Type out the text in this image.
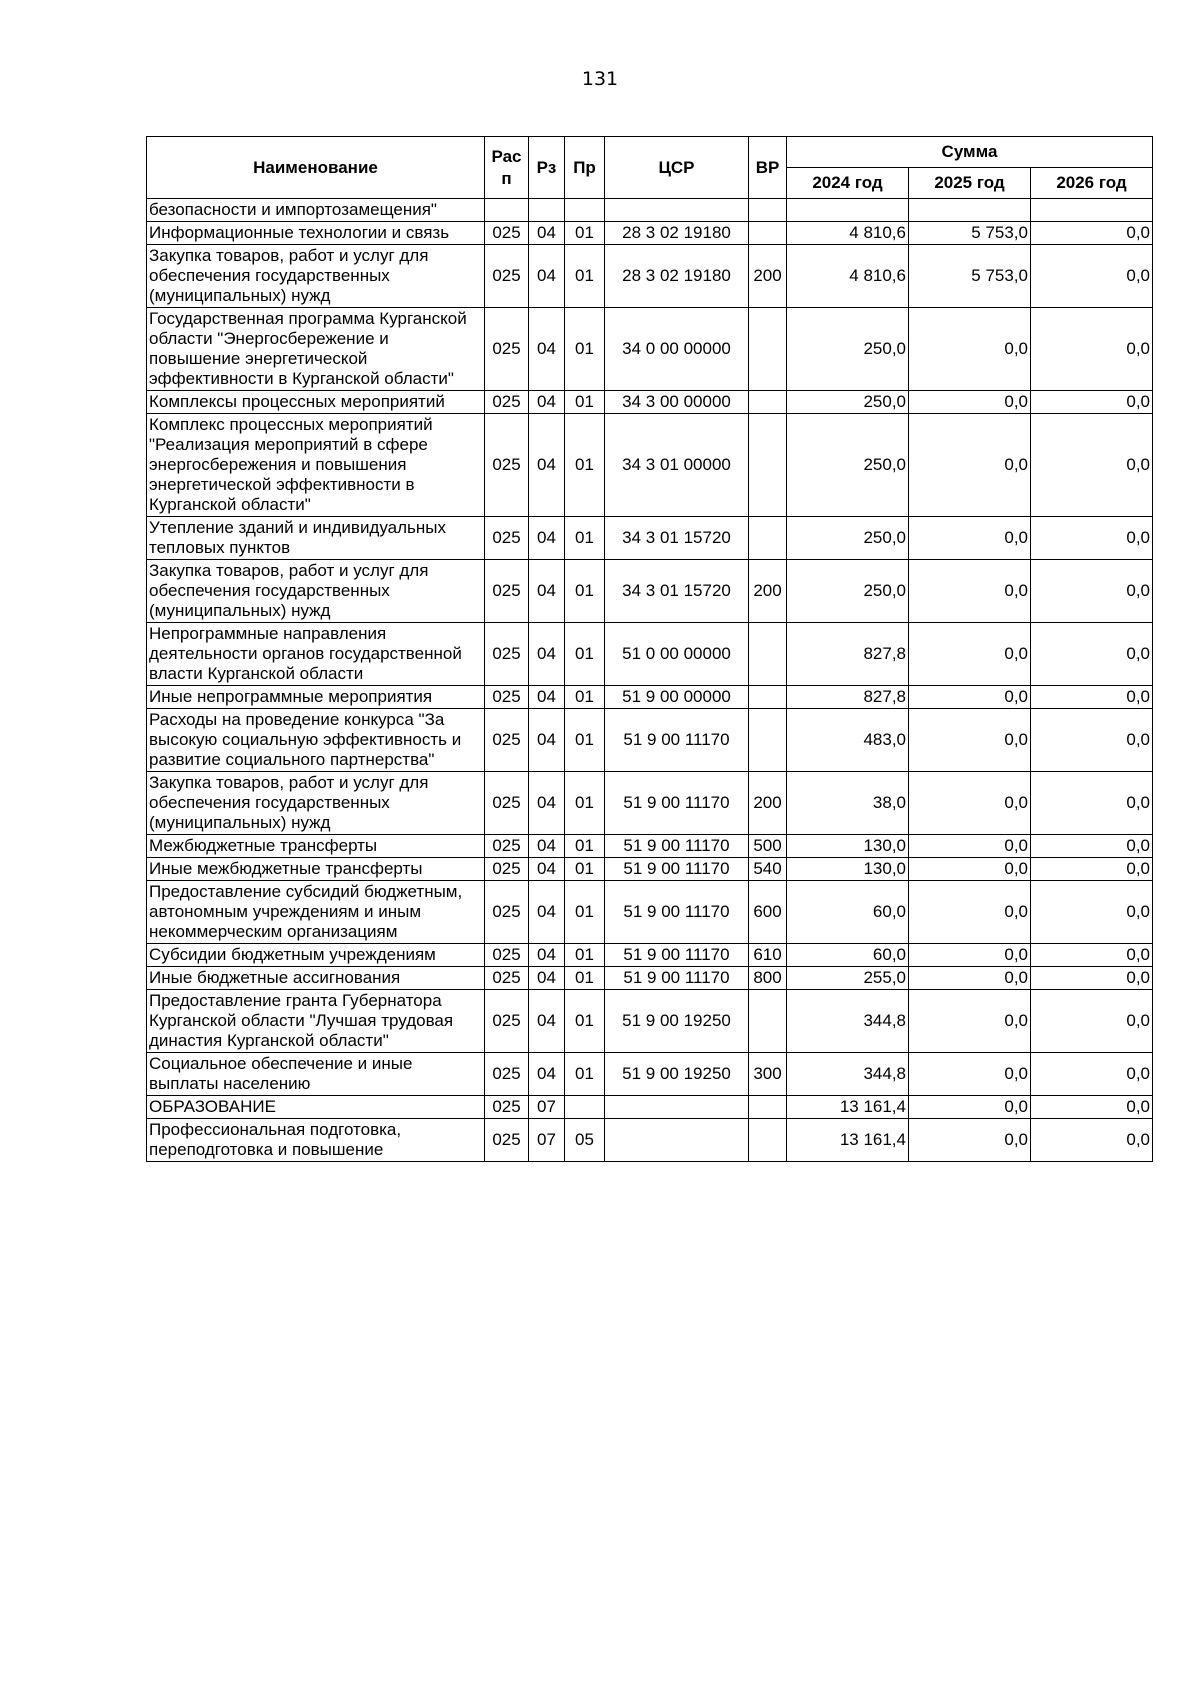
131
Наименование	Рас п	Рз	Пр	ЦСР	ВР	Сумма		
						2024 год	2025 год	2026 год
безопасности и импортозамещения"								
Информационные технологии и связь	025	04	01	28 3 02 19180		4 810,6	5 753,0	0,0
Закупка товаров, работ и услуг для обеспечения государственных (муниципальных) нужд	025	04	01	28 3 02 19180	200	4 810,6	5 753,0	0,0
Государственная программа Курганской области "Энергосбережение и повышение энергетической эффективности в Курганской области"	025	04	01	34 0 00 00000		250,0	0,0	0,0
Комплексы процессных мероприятий	025	04	01	34 3 00 00000		250,0	0,0	0,0
Комплекс процессных мероприятий "Реализация мероприятий в сфере энергосбережения и повышения энергетической эффективности в Курганской области"	025	04	01	34 3 01 00000		250,0	0,0	0,0
Утепление зданий и индивидуальных тепловых пунктов	025	04	01	34 3 01 15720		250,0	0,0	0,0
Закупка товаров, работ и услуг для обеспечения государственных (муниципальных) нужд	025	04	01	34 3 01 15720	200	250,0	0,0	0,0
Непрограммные направления деятельности органов государственной власти Курганской области	025	04	01	51 0 00 00000		827,8	0,0	0,0
Иные непрограммные мероприятия	025	04	01	51 9 00 00000		827,8	0,0	0,0
Расходы на проведение конкурса "За высокую социальную эффективность и развитие социального партнерства"	025	04	01	51 9 00 11170		483,0	0,0	0,0
Закупка товаров, работ и услуг для обеспечения государственных (муниципальных) нужд	025	04	01	51 9 00 11170	200	38,0	0,0	0,0
Межбюджетные трансферты	025	04	01	51 9 00 11170	500	130,0	0,0	0,0
Иные межбюджетные трансферты	025	04	01	51 9 00 11170	540	130,0	0,0	0,0
Предоставление субсидий бюджетным, автономным учреждениям и иным некоммерческим организациям	025	04	01	51 9 00 11170	600	60,0	0,0	0,0
Субсидии бюджетным учреждениям	025	04	01	51 9 00 11170	610	60,0	0,0	0,0
Иные бюджетные ассигнования	025	04	01	51 9 00 11170	800	255,0	0,0	0,0
Предоставление гранта Губернатора Курганской области "Лучшая трудовая династия Курганской области"	025	04	01	51 9 00 19250		344,8	0,0	0,0
Социальное обеспечение и иные выплаты населению	025	04	01	51 9 00 19250	300	344,8	0,0	0,0
ОБРАЗОВАНИЕ	025	07				13 161,4	0,0	0,0
Профессиональная подготовка, переподготовка и повышение	025	07	05			13 161,4	0,0	0,0
